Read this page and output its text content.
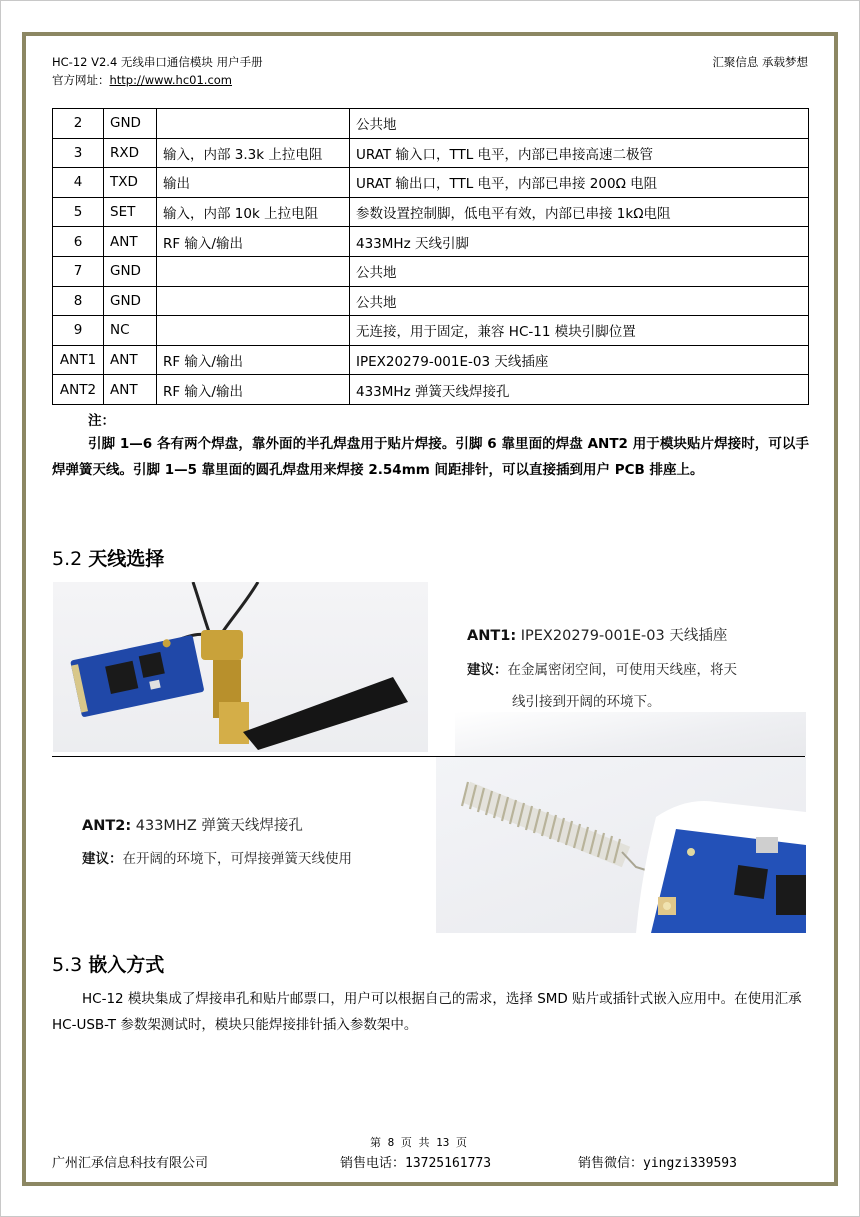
HC-12 V2.4 无线串口通信模块 用户手册
官方网址：http://www.hc01.com
汇聚信息 承载梦想
2	GND		公共地
3	RXD	输入，内部 3.3k 上拉电阻	URAT 输入口，TTL 电平，内部已串接高速二极管
4	TXD	输出	URAT 输出口，TTL 电平，内部已串接 200Ω 电阻
5	SET	输入，内部 10k 上拉电阻	参数设置控制脚，低电平有效，内部已串接 1kΩ电阻
6	ANT	RF 输入/输出	433MHz 天线引脚
7	GND		公共地
8	GND		公共地
9	NC		无连接，用于固定，兼容 HC-11 模块引脚位置
ANT1	ANT	RF 输入/输出	IPEX20279-001E-03 天线插座
ANT2	ANT	RF 输入/输出	433MHz 弹簧天线焊接孔
注：
引脚 1—6 各有两个焊盘，靠外面的半孔焊盘用于贴片焊接。引脚 6 靠里面的焊盘 ANT2 用于模块贴片焊接时，可以手焊弹簧天线。引脚 1—5 靠里面的圆孔焊盘用来焊接 2.54mm 间距排针，可以直接插到用户 PCB 排座上。
5.2 天线选择
ANT1: IPEX20279-001E-03 天线插座
建议：在金属密闭空间，可使用天线座，将天
线引接到开阔的环境下。
ANT2: 433MHZ 弹簧天线焊接孔
建议：在开阔的环境下，可焊接弹簧天线使用
5.3 嵌入方式
HC-12 模块集成了焊接串孔和贴片邮票口，用户可以根据自己的需求，选择 SMD 贴片或插针式嵌入应用中。在使用汇承 HC-USB-T 参数架测试时，模块只能焊接排针插入参数架中。
第 8 页 共 13 页
广州汇承信息科技有限公司	销售电话：13725161773	销售微信：yingzi339593
